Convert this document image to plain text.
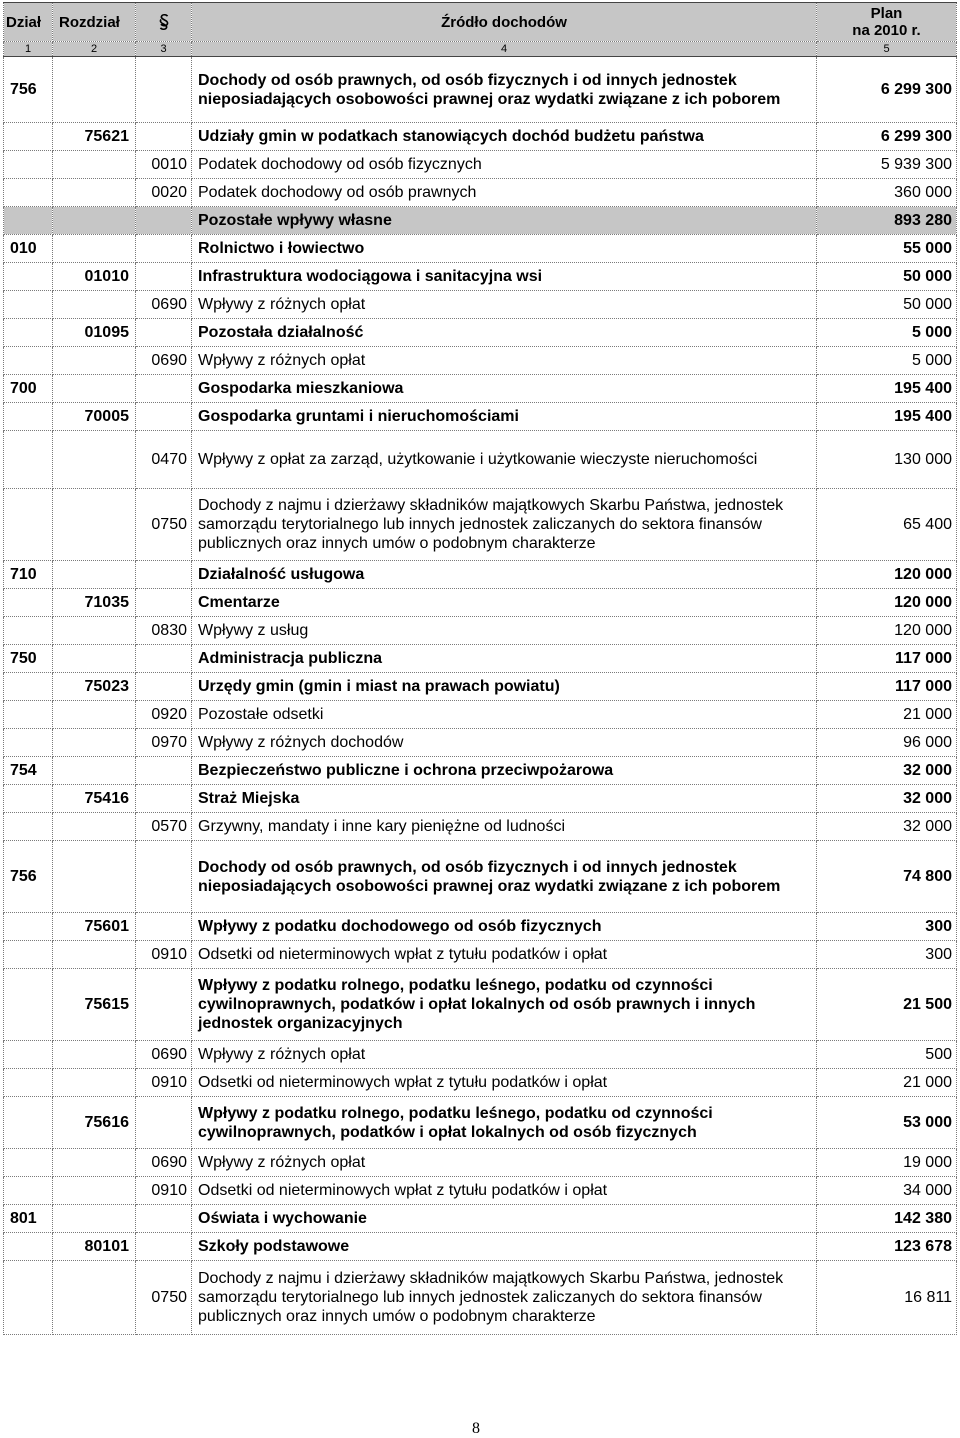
Dział	Rozdział		Źródło dochodów	Plan
na 2010 r.

1	2	3	4	5
756			Dochody od osób prawnych, od osób fizycznych i od innych jednostek nieposiadających osobowości prawnej oraz wydatki związane z ich poborem	6 299 300
	75621		Udziały gmin w podatkach stanowiących dochód budżetu państwa	6 299 300
		0010	Podatek dochodowy od osób fizycznych	5 939 300
		0020	Podatek dochodowy od osób prawnych	360 000
			Pozostałe wpływy własne	893 280
010			Rolnictwo i łowiectwo	55 000
	01010		Infrastruktura wodociągowa i sanitacyjna wsi	50 000
		0690	Wpływy z różnych opłat	50 000
	01095		Pozostała działalność	5 000
		0690	Wpływy z różnych opłat	5 000
700			Gospodarka mieszkaniowa	195 400
	70005		Gospodarka gruntami i nieruchomościami	195 400
		0470	Wpływy z opłat za zarząd, użytkowanie i użytkowanie wieczyste nieruchomości	130 000
		0750	Dochody z najmu i dzierżawy składników majątkowych Skarbu Państwa, jednostek samorządu terytorialnego lub innych jednostek zaliczanych do sektora finansów publicznych oraz innych umów o podobnym charakterze	65 400
710			Działalność usługowa	120 000
	71035		Cmentarze	120 000
		0830	Wpływy z usług	120 000
750			Administracja publiczna	117 000
	75023		Urzędy gmin (gmin i miast na prawach powiatu)	117 000
		0920	Pozostałe odsetki	21 000
		0970	Wpływy z różnych dochodów	96 000
754			Bezpieczeństwo publiczne i ochrona przeciwpożarowa	32 000
	75416		Straż Miejska	32 000
		0570	Grzywny, mandaty i inne kary pieniężne od ludności	32 000
756			Dochody od osób prawnych, od osób fizycznych i od innych jednostek nieposiadających osobowości prawnej oraz wydatki związane z ich poborem	74 800
	75601		Wpływy z podatku dochodowego od osób fizycznych	300
		0910	Odsetki od nieterminowych wpłat z tytułu podatków i opłat	300
	75615		Wpływy z podatku rolnego, podatku leśnego, podatku od czynności cywilnoprawnych, podatków i opłat lokalnych od osób prawnych i innych jednostek organizacyjnych	21 500
		0690	Wpływy z różnych opłat	500
		0910	Odsetki od nieterminowych wpłat z tytułu podatków i opłat	21 000
	75616		Wpływy z podatku rolnego, podatku leśnego, podatku od czynności cywilnoprawnych, podatków i opłat lokalnych od osób fizycznych	53 000
		0690	Wpływy z różnych opłat	19 000
		0910	Odsetki od nieterminowych wpłat z tytułu podatków i opłat	34 000
801			Oświata i wychowanie	142 380
	80101		Szkoły podstawowe	123 678
		0750	Dochody z najmu i dzierżawy składników majątkowych Skarbu Państwa, jednostek samorządu terytorialnego lub innych jednostek zaliczanych do sektora finansów publicznych oraz innych umów o podobnym charakterze	16 811
8
